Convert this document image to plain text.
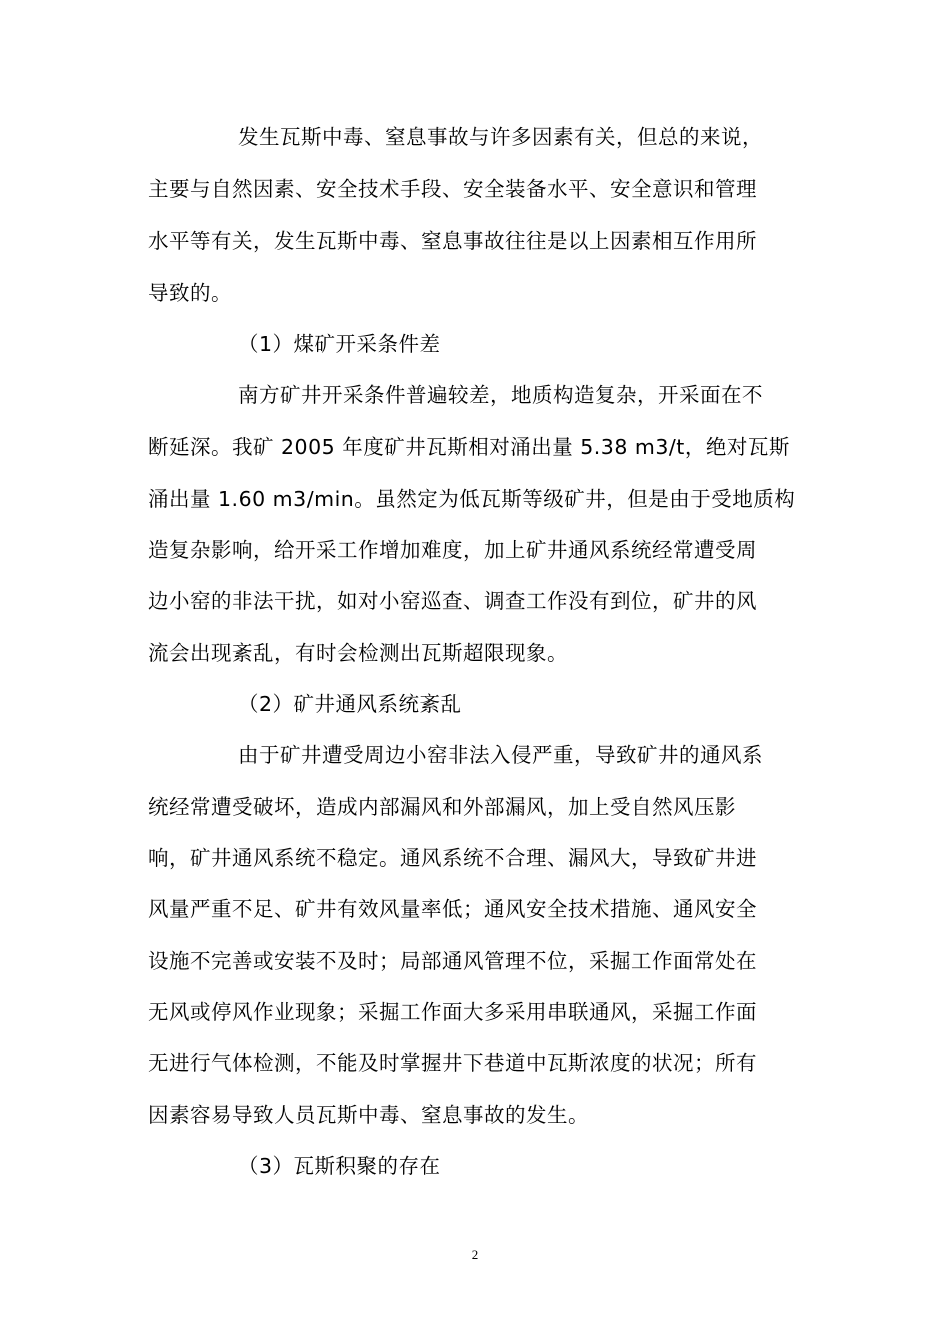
发生瓦斯中毒、窒息事故与许多因素有关，但总的来说，
主要与自然因素、安全技术手段、安全装备水平、安全意识和管理
水平等有关，发生瓦斯中毒、窒息事故往往是以上因素相互作用所
导致的。
（1）煤矿开采条件差
南方矿井开采条件普遍较差，地质构造复杂，开采面在不
断延深。我矿 2005 年度矿井瓦斯相对涌出量 5.38 m3/t，绝对瓦斯
涌出量 1.60 m3/min。虽然定为低瓦斯等级矿井，但是由于受地质构
造复杂影响，给开采工作增加难度，加上矿井通风系统经常遭受周
边小窑的非法干扰，如对小窑巡查、调查工作没有到位，矿井的风
流会出现紊乱，有时会检测出瓦斯超限现象。
（2）矿井通风系统紊乱
由于矿井遭受周边小窑非法入侵严重，导致矿井的通风系
统经常遭受破坏，造成内部漏风和外部漏风，加上受自然风压影
响，矿井通风系统不稳定。通风系统不合理、漏风大，导致矿井进
风量严重不足、矿井有效风量率低；通风安全技术措施、通风安全
设施不完善或安装不及时；局部通风管理不位，采掘工作面常处在
无风或停风作业现象；采掘工作面大多采用串联通风，采掘工作面
无进行气体检测，不能及时掌握井下巷道中瓦斯浓度的状况；所有
因素容易导致人员瓦斯中毒、窒息事故的发生。
（3）瓦斯积聚的存在
2
